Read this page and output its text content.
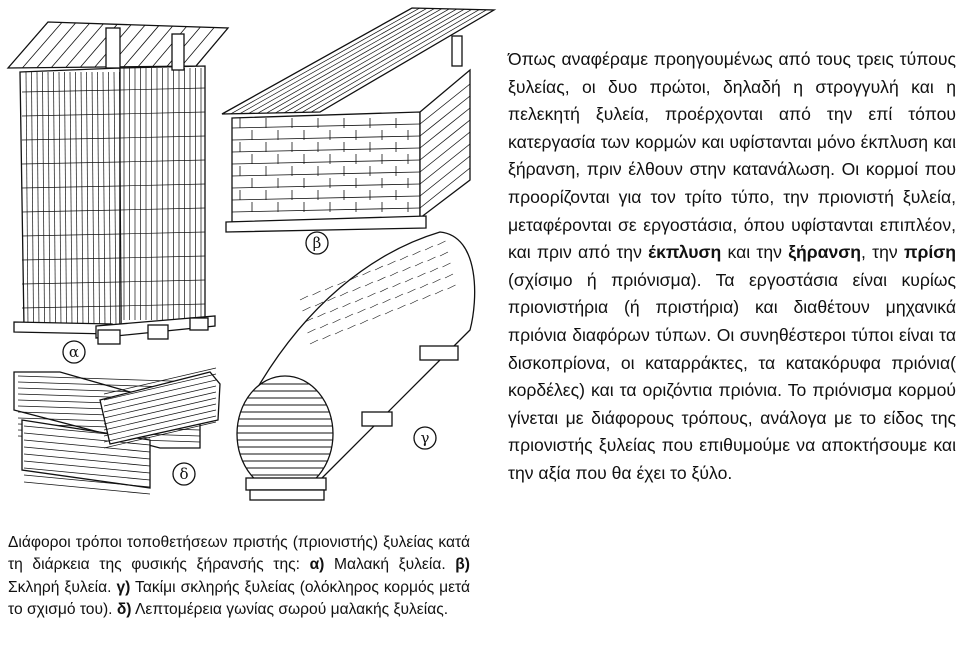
α
β
γ
δ
Διάφοροι τρόποι τοποθετήσεων πριστής (πριονιστής) ξυλείας κατά τη διάρκεια της φυσικής ξήρανσής της: α) Μαλακή ξυλεία. β) Σκληρή ξυλεία. γ) Τακίμι σκληρής ξυλείας (ολόκληρος κορμός μετά το σχισμό του). δ) Λεπτομέρεια γωνίας σωρού μαλακής ξυλείας.
Όπως αναφέραμε προηγουμένως από τους τρεις τύπους ξυλείας, οι δυο πρώτοι, δηλαδή η στρογγυλή και η πελεκητή ξυλεία, προέρχονται από την επί τόπου κατεργασία των κορμών και υφίστανται μόνο έκπλυση και ξήρανση, πριν έλθουν στην κατανάλωση. Οι κορμοί που προορίζονται για τον τρίτο τύπο, την πριονιστή ξυλεία, μεταφέρονται σε εργοστάσια, όπου υφίστανται επιπλέον, και πριν από την έκπλυση και την ξήρανση, την πρίση (σχίσιμο ή πριόνισμα). Τα εργοστάσια είναι κυρίως πριονιστήρια (ή πριστήρια) και διαθέτουν μηχανικά πριόνια διαφόρων τύπων. Οι συνηθέστεροι τύποι είναι τα δισκοπρίονα, οι καταρράκτες, τα κατακόρυφα πριόνια( κορδέλες) και τα οριζόντια πριόνια. Το πριόνισμα κορμού γίνεται με διάφορους τρόπους, ανάλογα με το είδος της πριονιστής ξυλείας που επιθυμούμε να αποκτήσουμε και την αξία που θα έχει το ξύλο.
